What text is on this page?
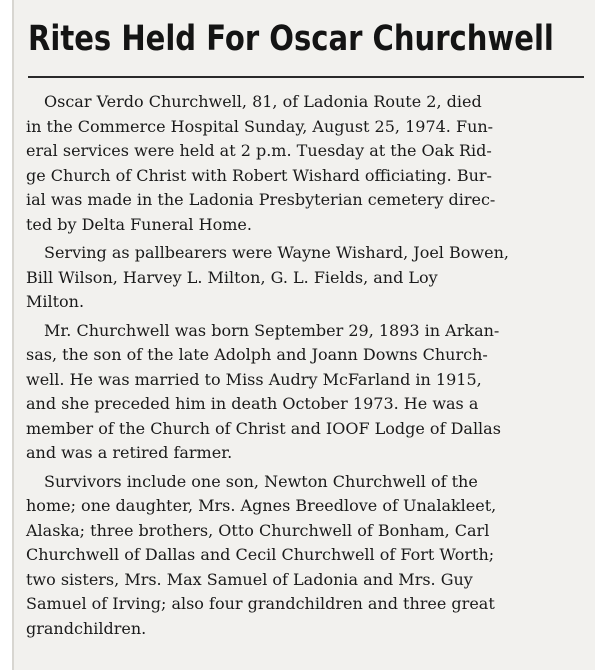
Rites Held For Oscar Churchwell

Oscar Verdo Churchwell, 81, of Ladonia Route 2, died
in the Commerce Hospital Sunday, August 25, 1974. Fun-
eral services were held at 2 p.m. Tuesday at the Oak Rid-
ge Church of Christ with Robert Wishard officiating. Bur-
ial was made in the Ladonia Presbyterian cemetery direc-
ted by Delta Funeral Home.

Serving as pallbearers were Wayne Wishard, Joel Bowen,
Bill Wilson, Harvey L. Milton, G. L. Fields, and Loy
Milton.

Mr. Churchwell was born September 29, 1893 in Arkan-
sas, the son of the late Adolph and Joann Downs Church-
well. He was married to Miss Audry McFarland in 1915,
and she preceded him in death October 1973. He was a
member of the Church of Christ and IOOF Lodge of Dallas
and was a retired farmer.

Survivors include one son, Newton Churchwell of the
home; one daughter, Mrs. Agnes Breedlove of Unalakleet,
Alaska; three brothers, Otto Churchwell of Bonham, Carl
Churchwell of Dallas and Cecil Churchwell of Fort Worth;
two sisters, Mrs. Max Samuel of Ladonia and Mrs. Guy
Samuel of Irving; also four grandchildren and three great
grandchildren.
